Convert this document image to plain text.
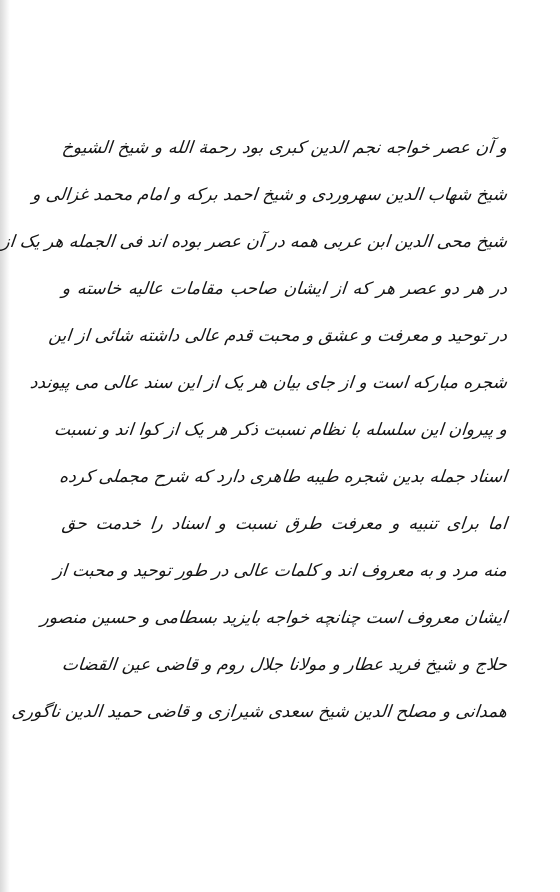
و آن عصر خواجه نجم الدین کبری بود رحمة الله و شیخ الشیوخ
شیخ شهاب الدین سهروردی و شیخ احمد برکه و امام محمد غزالی و
شیخ محی الدین ابن عربی همه در آن عصر بوده اند فی الجمله هر یک از
در هر دو عصر هر که از ایشان صاحب مقامات عالیه خاسته و
در توحید و معرفت و عشق و محبت قدم عالی داشته شائی از این
شجره مبارکه است و از جای بیان هر یک از این سند عالی می پیوندد
و پیروان این سلسله با نظام نسبت ذکر هر یک از کوا اند و نسبت
اسناد جمله بدین شجره طیبه طاهری دارد که شرح مجملی کرده
اما برای تنبیه و معرفت طرق نسبت و اسناد را خدمت حق
منه مرد و به معروف اند و کلمات عالی در طور توحید و محبت از
ایشان معروف است چنانچه خواجه بایزید بسطامی و حسین منصور
حلاج و شیخ فرید عطار و مولانا جلال روم و قاضی عین القضات
همدانی و مصلح الدین شیخ سعدی شیرازی و قاضی حمید الدین ناگوری
